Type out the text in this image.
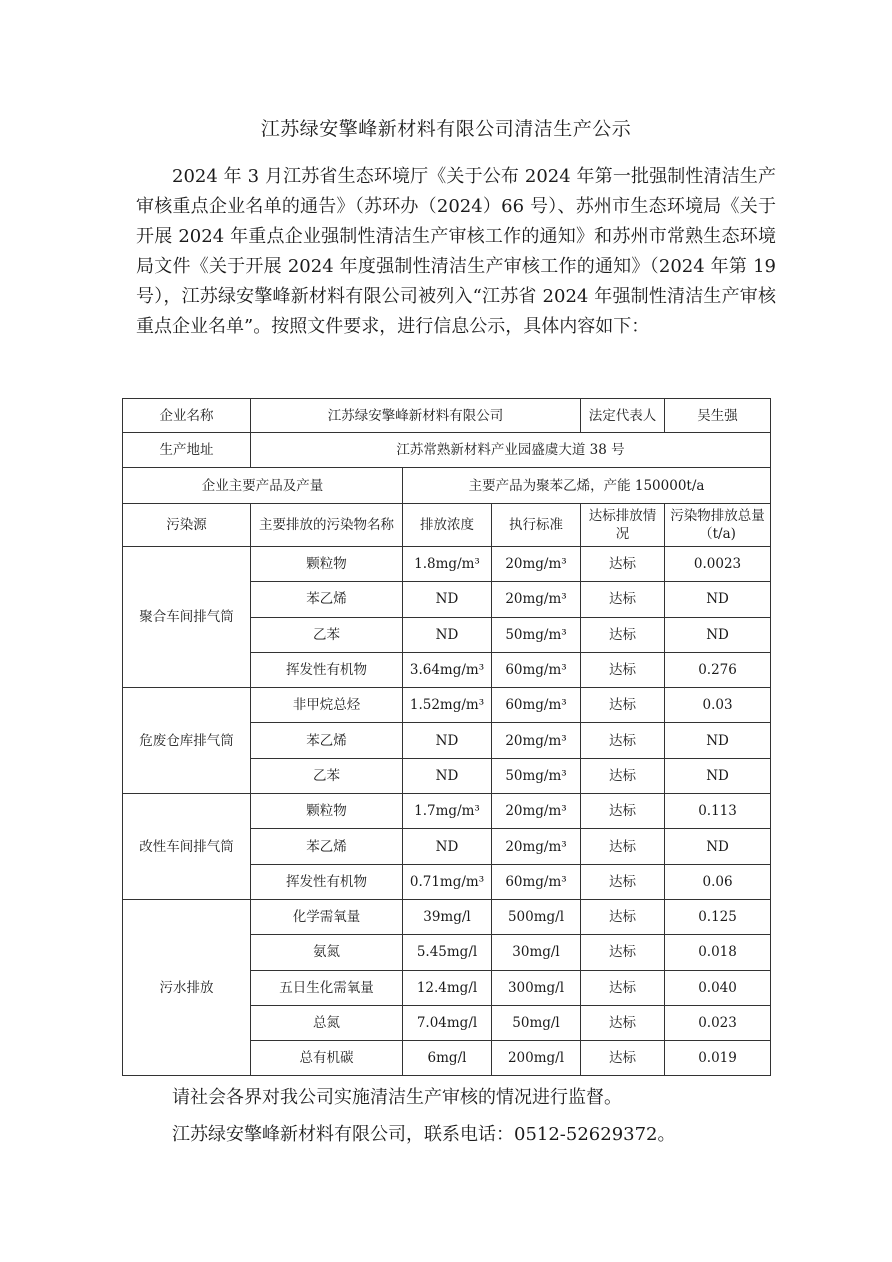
江苏绿安擎峰新材料有限公司清洁生产公示
2024 年 3 月江苏省生态环境厅《关于公布 2024 年第一批强制性清洁生产审核重点企业名单的通告》（苏环办（2024）66 号）、苏州市生态环境局《关于开展 2024 年重点企业强制性清洁生产审核工作的通知》和苏州市常熟生态环境局文件《关于开展 2024 年度强制性清洁生产审核工作的通知》（2024 年第 19 号），江苏绿安擎峰新材料有限公司被列入“江苏省 2024 年强制性清洁生产审核重点企业名单”。按照文件要求，进行信息公示，具体内容如下：
企业名称	江苏绿安擎峰新材料有限公司			法定代表人	吴生强
生产地址	江苏常熟新材料产业园盛虞大道 38 号				
企业主要产品及产量		主要产品为聚苯乙烯，产能 150000t/a			
污染源	主要排放的污染物名称	排放浓度	执行标准	达标排放情况	污染物排放总量（t/a)
聚合车间排气筒	颗粒物	1.8mg/m³	20mg/m³	达标	0.0023
	苯乙烯	ND	20mg/m³	达标	ND
	乙苯	ND	50mg/m³	达标	ND
	挥发性有机物	3.64mg/m³	60mg/m³	达标	0.276
危废仓库排气筒	非甲烷总烃	1.52mg/m³	60mg/m³	达标	0.03
	苯乙烯	ND	20mg/m³	达标	ND
	乙苯	ND	50mg/m³	达标	ND
改性车间排气筒	颗粒物	1.7mg/m³	20mg/m³	达标	0.113
	苯乙烯	ND	20mg/m³	达标	ND
	挥发性有机物	0.71mg/m³	60mg/m³	达标	0.06
污水排放	化学需氧量	39mg/l	500mg/l	达标	0.125
	氨氮	5.45mg/l	30mg/l	达标	0.018
	五日生化需氧量	12.4mg/l	300mg/l	达标	0.040
	总氮	7.04mg/l	50mg/l	达标	0.023
	总有机碳	6mg/l	200mg/l	达标	0.019
请社会各界对我公司实施清洁生产审核的情况进行监督。
江苏绿安擎峰新材料有限公司，联系电话：0512-52629372。
